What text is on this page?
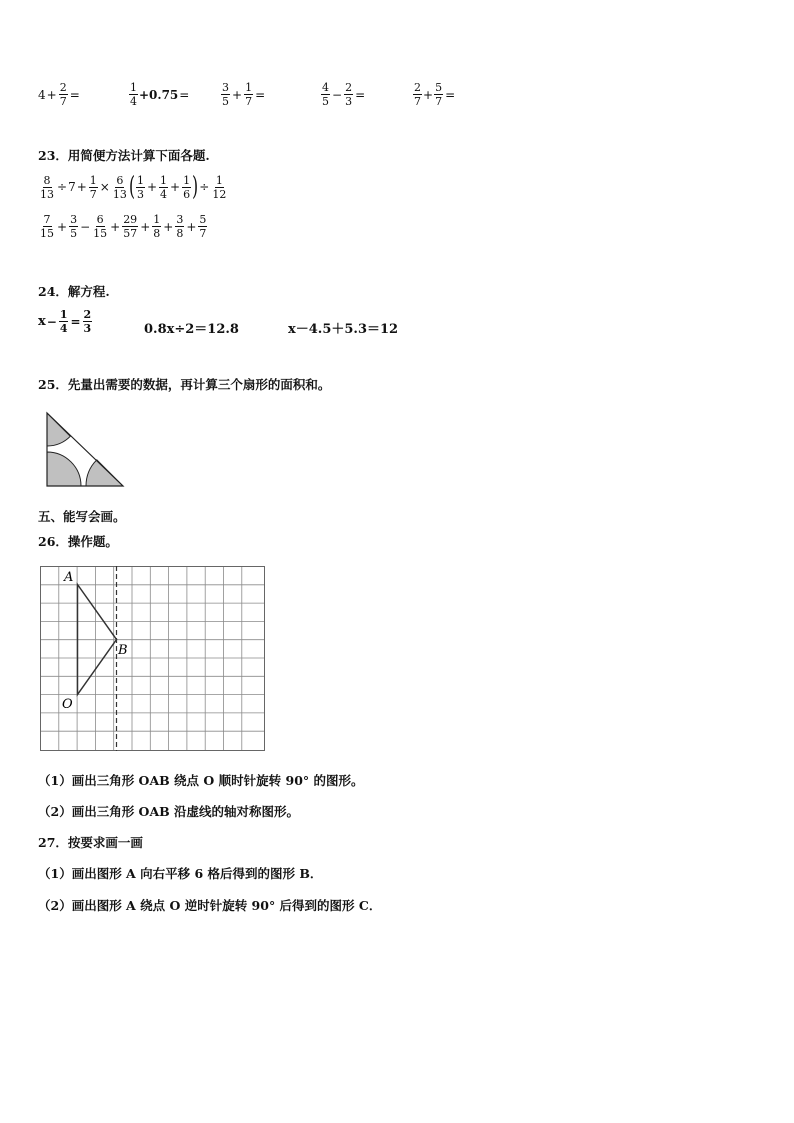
$4 + \frac{2}{7}$ =	$\frac{1}{4} +0.75$ =	$\frac{3}{5} + \frac{1}{7}$ =	$\frac{4}{5} - \frac{2}{3}$ =	$\frac{2}{7} + \frac{5}{7}$ =
23．用简便方法计算下面各题.
$\frac{8}{13} \div 7 + \frac{1}{7} \times \frac{6}{13}$ ( $\frac{1}{3} + \frac{1}{4} + \frac{1}{6}$ ) ÷ $\frac{1}{12}$
$\frac{7}{15} + \frac{3}{5} - \frac{6}{15} + \frac{29}{57} + \frac{1}{8} + \frac{3}{8} + \frac{5}{7}$
24．解方程.
$x - \frac{1}{4} = \frac{2}{3}$	0.8x÷2＝12.8	x－4.5＋5.3＝12
25．先量出需要的数据，再计算三个扇形的面积和。
五、能写会画。
26．操作题。
A
B
O
（1）画出三角形 OAB 绕点 O 顺时针旋转 90° 的图形。
（2）画出三角形 OAB 沿虚线的轴对称图形。
27．按要求画一画
（1）画出图形 A 向右平移 6 格后得到的图形 B．
（2）画出图形 A 绕点 O 逆时针旋转 90° 后得到的图形 C．
